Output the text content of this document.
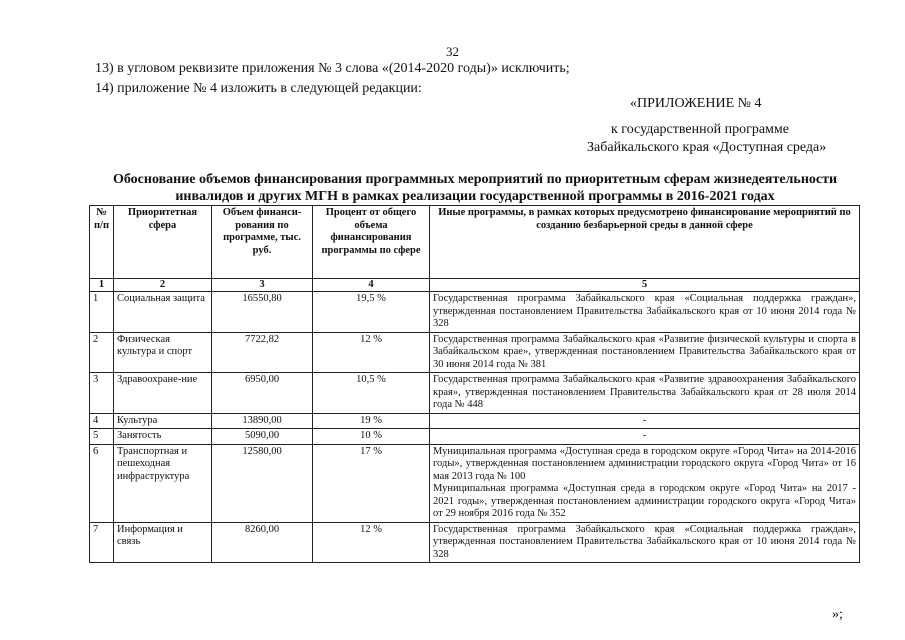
32
13) в угловом реквизите приложения № 3 слова «(2014-2020 годы)» исключить;
14) приложение № 4 изложить в следующей редакции:
«ПРИЛОЖЕНИЕ № 4
к государственной программе
Забайкальского края «Доступная среда»
Обоснование объемов финансирования программных мероприятий по приоритетным сферам жизнедеятельности инвалидов и других МГН в рамках реализации государственной программы в 2016-2021 годах
№ п/п	Приоритетная сфера	Объем финанси-рования по программе, тыс. руб.	Процент от общего объема финансирования программы по сфере	Иные программы, в рамках которых предусмотрено финансирование мероприятий по созданию безбарьерной среды в данной сфере
1	2	3	4	5
1	Социальная защита	16550,80	19,5 %	Государственная программа Забайкальского края «Социальная поддержка граждан», утвержденная постановлением Правительства Забайкальского края от 10 июня 2014 года № 328

2	Физическая культура и спорт	7722,82	12 %	Государственная программа Забайкальского края «Развитие физической культуры и спорта в Забайкальском крае», утвержденная постановлением Правительства Забайкальского края от 30 июня 2014 года № 381

3	Здравоохране-ние	6950,00	10,5 %	Государственная программа Забайкальского края «Развитие здравоохранения Забайкальского края», утвержденная постановлением Правительства Забайкальского края от 28 июля 2014 года № 448

4	Культура	13890,00	19 %	-

5	Занятость	5090,00	10 %	-

6	Транспортная и пешеходная инфраструктура	12580,00	17 %	Муниципальная программа «Доступная среда в городском округе «Город Чита» на 2014-2016 годы», утвержденная постановлением администрации городского округа «Город Чита» от 16 мая 2013 года № 100
Муниципальная программа «Доступная среда в городском округе «Город Чита» на 2017 - 2021 годы», утвержденная постановлением администрации городского округа «Город Чита» от 29 ноября 2016 года № 352

7	Информация и связь	8260,00	12 %	Государственная программа Забайкальского края «Социальная поддержка граждан», утвержденная постановлением Правительства Забайкальского края от 10 июня 2014 года № 328
»;
